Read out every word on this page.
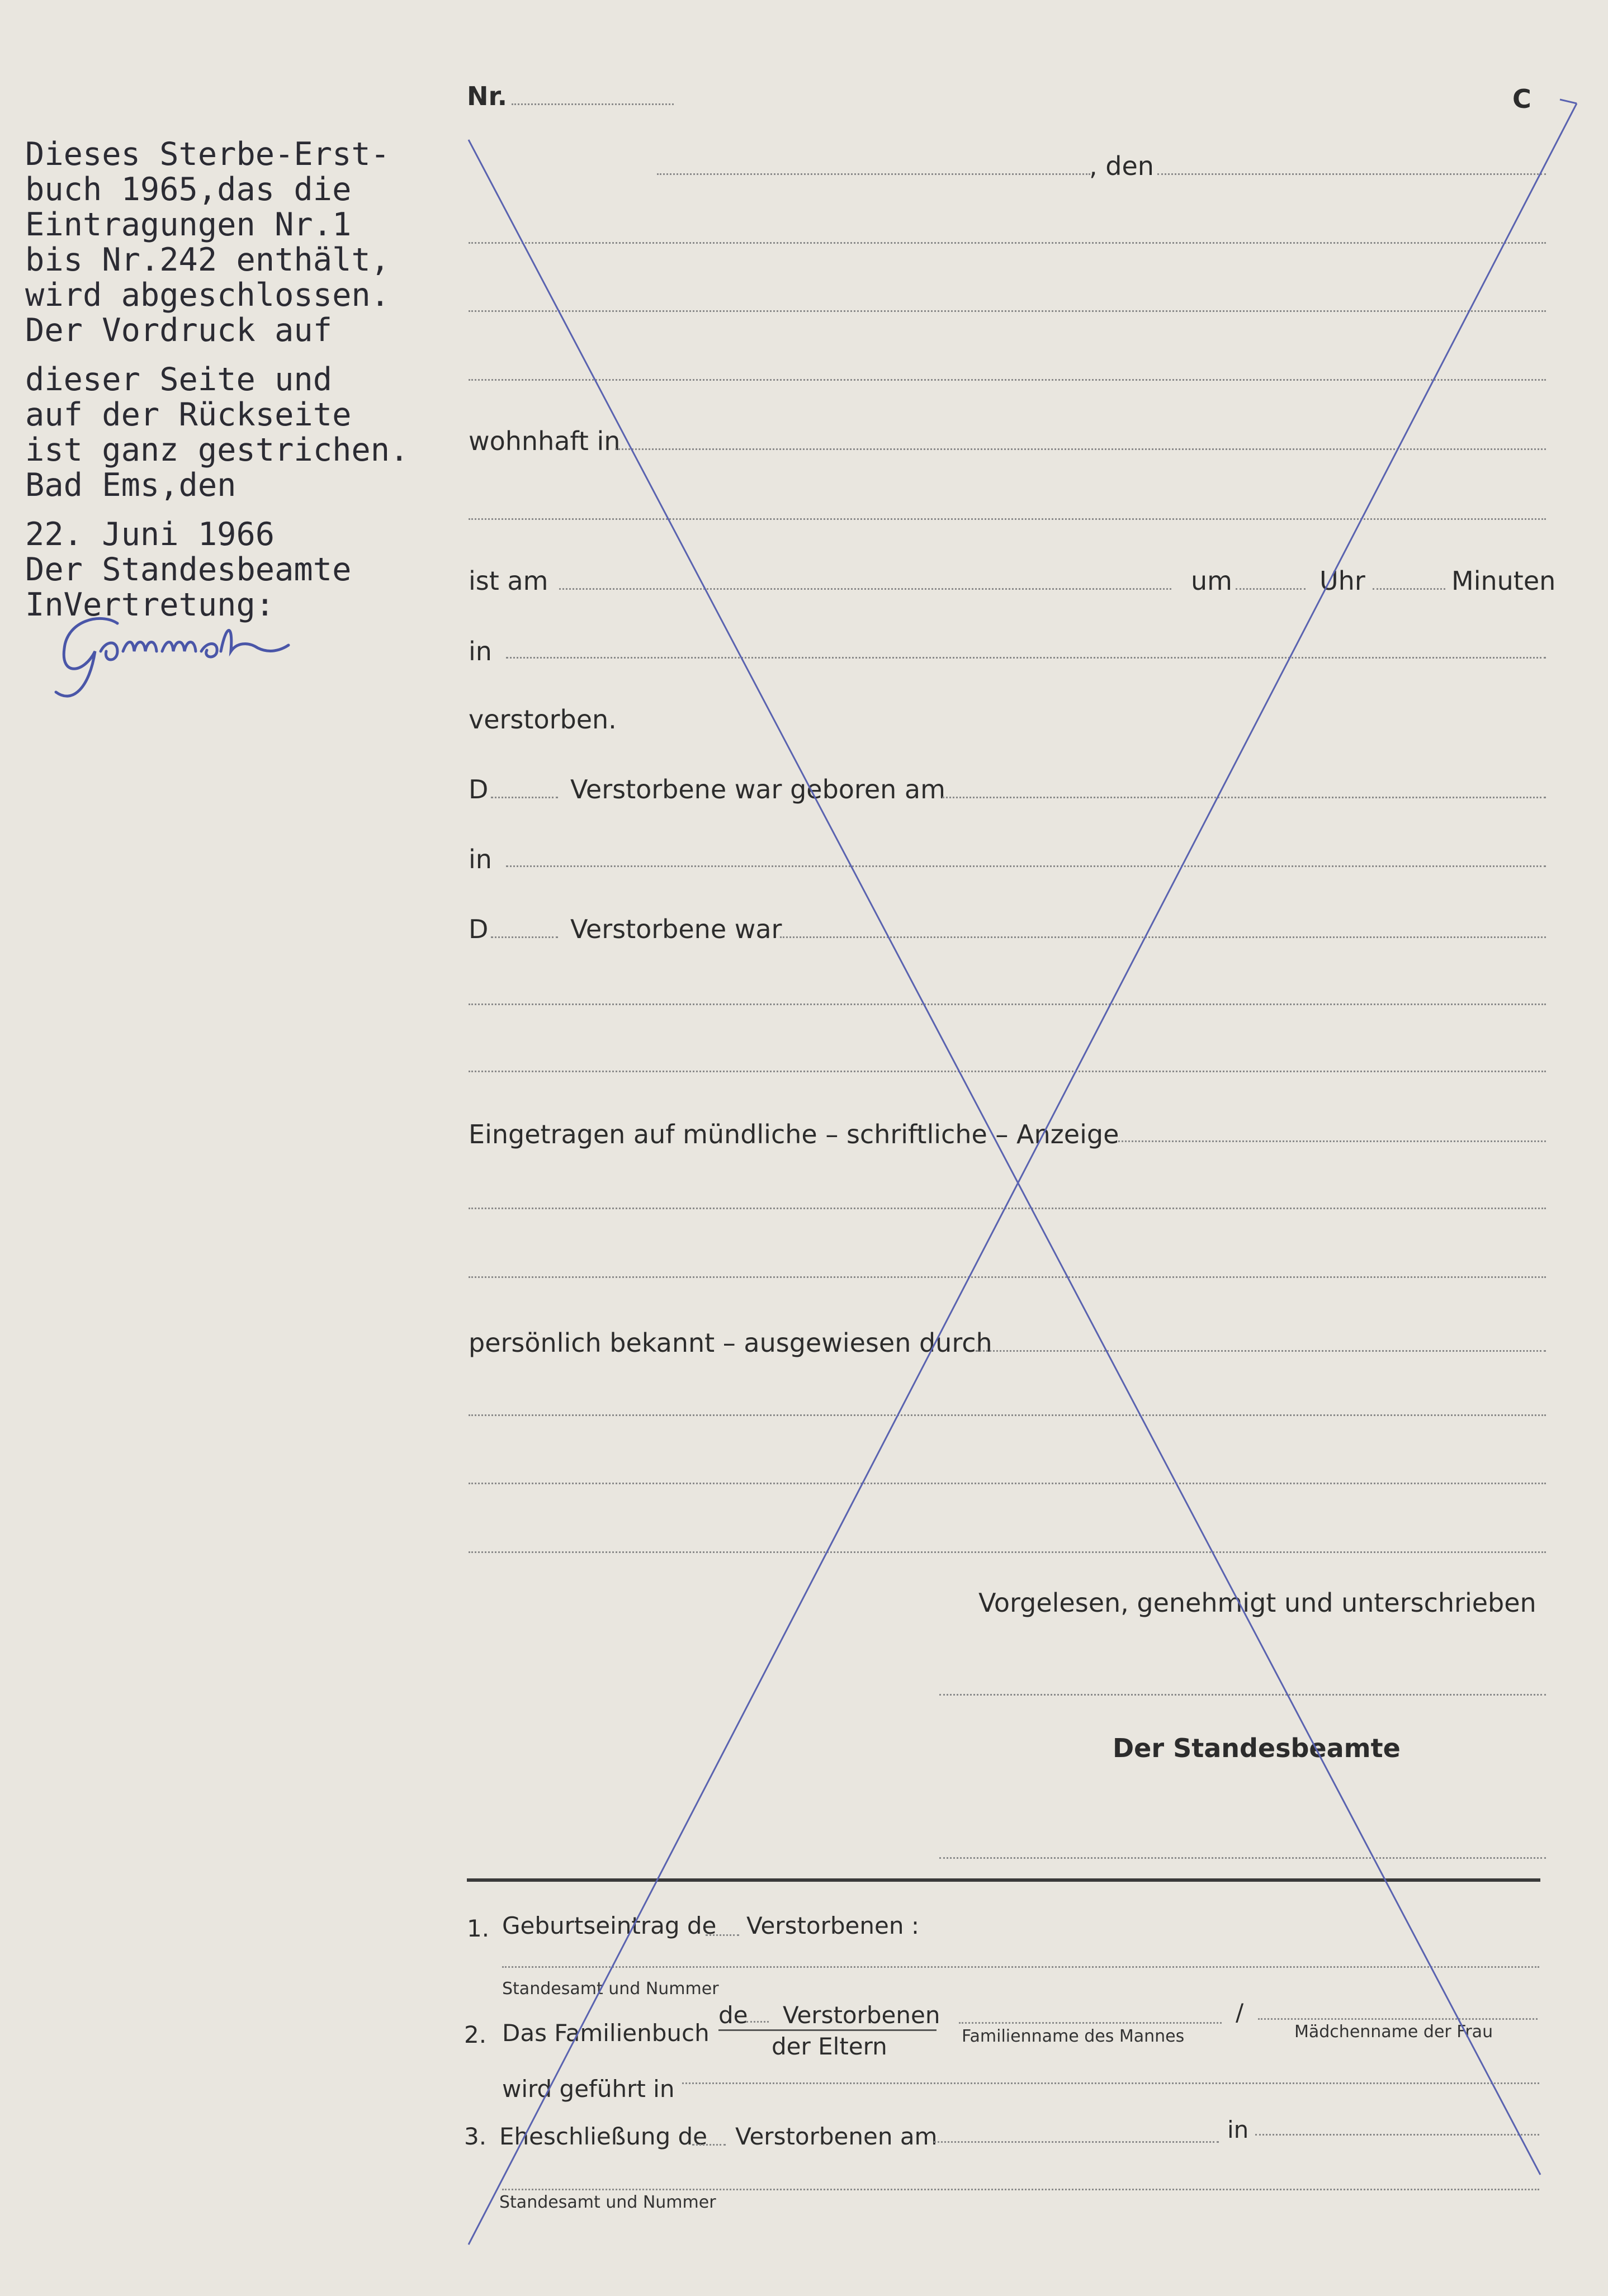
Dieses Sterbe-Erst-
buch 1965,das die
Eintragungen Nr.1
bis Nr.242 enthält,
wird abgeschlossen.
Der Vordruck auf
dieser Seite und
auf der Rückseite
ist ganz gestrichen.
Bad Ems,den
22. Juni 1966
Der Standesbeamte
InVertretung:
Nr.	C
, den
wohnhaft in
ist am	um	Uhr	Minuten
in
verstorben.
D	Verstorbene war geboren am
in
D	Verstorbene war
Eingetragen auf mündliche – schriftliche – Anzeige
persönlich bekannt – ausgewiesen durch
Vorgelesen, genehmigt und unterschrieben
Der Standesbeamte
1. Geburtseintrag de Verstorbenen :
Standesamt und Nummer
2. Das Familienbuch
de Verstorbenen
der Eltern	Familienname des Mannes
/
Mädchenname der Frau
wird geführt in
3. Eheschließung de Verstorbenen am	in
Standesamt und Nummer
